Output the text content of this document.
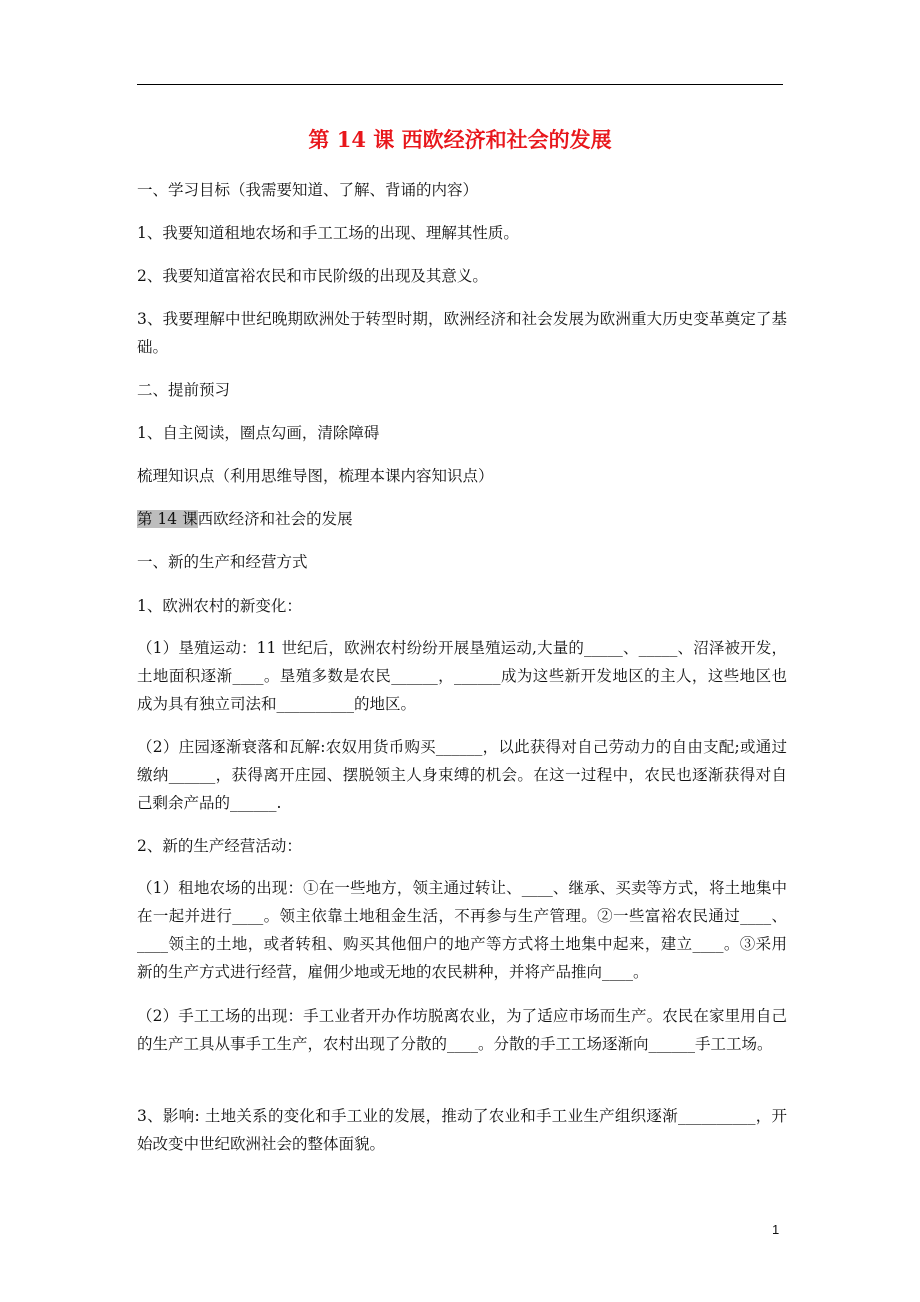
第 14 课 西欧经济和社会的发展
一、学习目标（我需要知道、了解、背诵的内容）
1、我要知道租地农场和手工工场的出现、理解其性质。
2、我要知道富裕农民和市民阶级的出现及其意义。
3、我要理解中世纪晚期欧洲处于转型时期，欧洲经济和社会发展为欧洲重大历史变革奠定了基础。
二、提前预习
1、自主阅读，圈点勾画，清除障碍
梳理知识点（利用思维导图，梳理本课内容知识点）
第 14 课西欧经济和社会的发展
一、新的生产和经营方式
1、欧洲农村的新变化：
（1）垦殖运动：11 世纪后，欧洲农村纷纷开展垦殖运动,大量的_____、_____、沼泽被开发，土地面积逐渐____。垦殖多数是农民______，______成为这些新开发地区的主人，这些地区也成为具有独立司法和__________的地区。
（2）庄园逐渐衰落和瓦解:农奴用货币购买______，以此获得对自己劳动力的自由支配;或通过缴纳______，获得离开庄园、摆脱领主人身束缚的机会。在这一过程中，农民也逐渐获得对自己剩余产品的______.
2、新的生产经营活动：
（1）租地农场的出现：①在一些地方，领主通过转让、____、继承、买卖等方式，将土地集中在一起并进行____。领主依靠土地租金生活，不再参与生产管理。②一些富裕农民通过____、____领主的土地，或者转租、购买其他佃户的地产等方式将土地集中起来，建立____。③采用新的生产方式进行经营，雇佣少地或无地的农民耕种，并将产品推向____。
（2）手工工场的出现：手工业者开办作坊脱离农业，为了适应市场而生产。农民在家里用自己的生产工具从事手工生产，农村出现了分散的____。分散的手工工场逐渐向______手工工场。
3、影响: 土地关系的变化和手工业的发展，推动了农业和手工业生产组织逐渐__________，开始改变中世纪欧洲社会的整体面貌。
1
